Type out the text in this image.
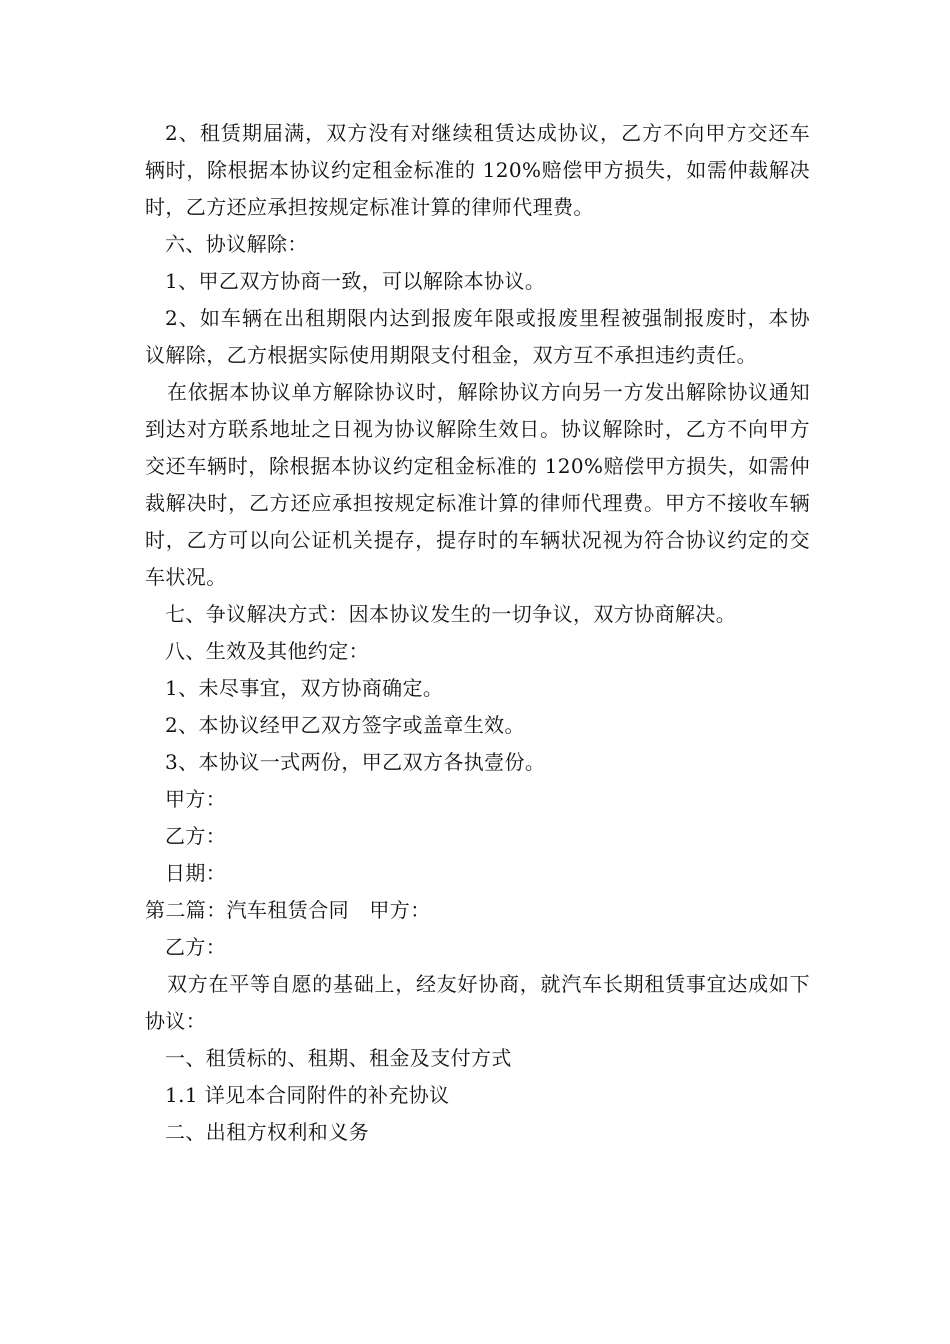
2、租赁期届满，双方没有对继续租赁达成协议，乙方不向甲方交还车辆时，除根据本协议约定租金标准的 120%赔偿甲方损失，如需仲裁解决时，乙方还应承担按规定标准计算的律师代理费。

六、协议解除：

1、甲乙双方协商一致，可以解除本协议。

2、如车辆在出租期限内达到报废年限或报废里程被强制报废时，本协议解除，乙方根据实际使用期限支付租金，双方互不承担违约责任。

在依据本协议单方解除协议时，解除协议方向另一方发出解除协议通知到达对方联系地址之日视为协议解除生效日。协议解除时，乙方不向甲方交还车辆时，除根据本协议约定租金标准的 120%赔偿甲方损失，如需仲裁解决时，乙方还应承担按规定标准计算的律师代理费。甲方不接收车辆时，乙方可以向公证机关提存，提存时的车辆状况视为符合协议约定的交车状况。

七、争议解决方式：因本协议发生的一切争议，双方协商解决。

八、生效及其他约定：

1、未尽事宜，双方协商确定。

2、本协议经甲乙双方签字或盖章生效。

3、本协议一式两份，甲乙双方各执壹份。

甲方：

乙方：

日期：

第二篇：汽车租赁合同　甲方：

乙方：

双方在平等自愿的基础上，经友好协商，就汽车长期租赁事宜达成如下协议：

一、租赁标的、租期、租金及支付方式

1.1 详见本合同附件的补充协议

二、出租方权利和义务
